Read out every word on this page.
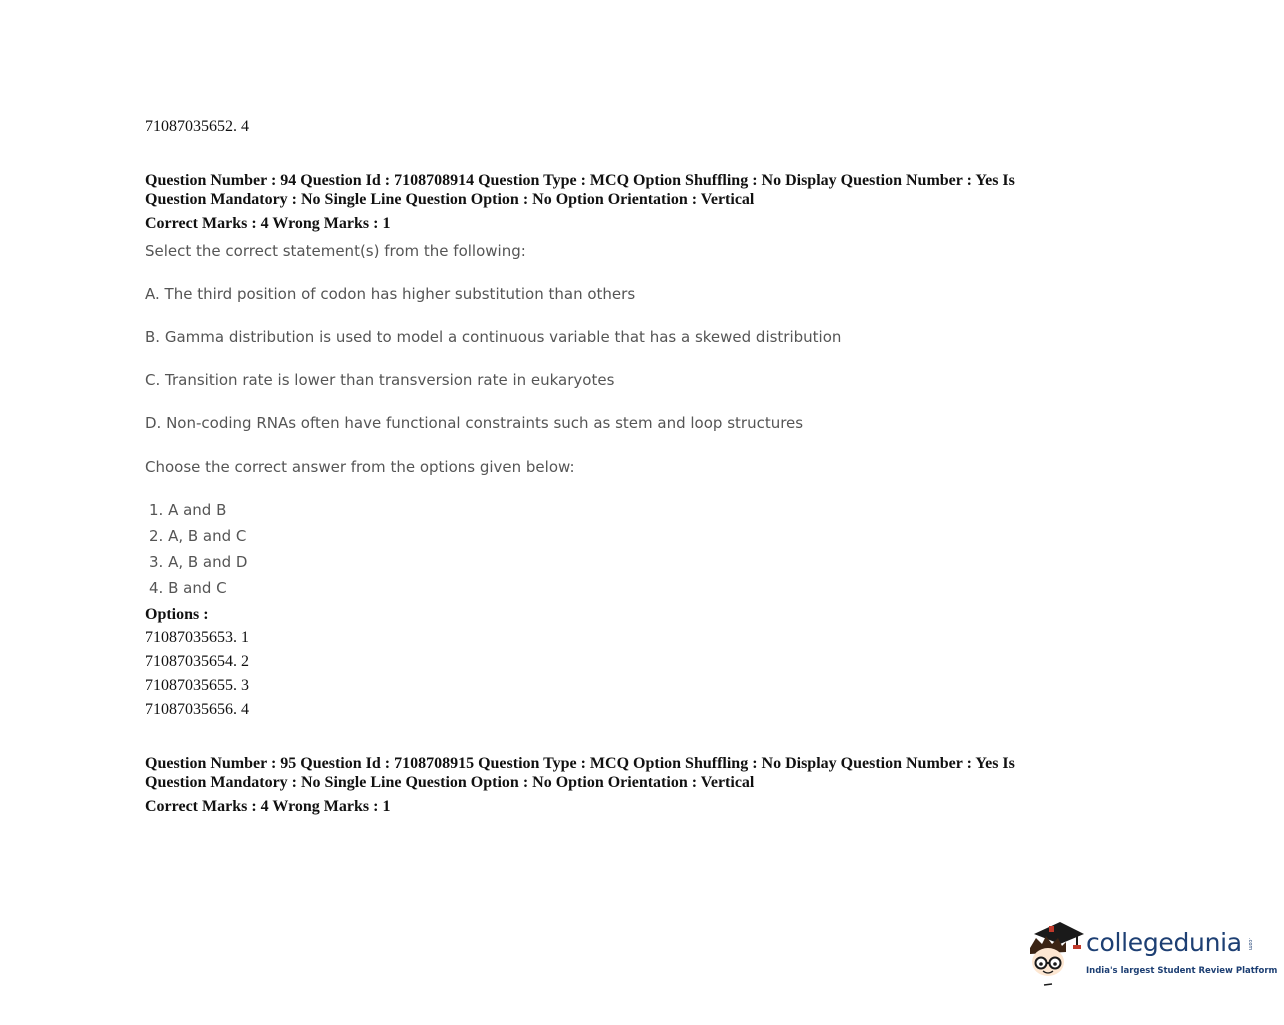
71087035652. 4
Question Number : 94 Question Id : 7108708914 Question Type : MCQ Option Shuffling : No Display Question Number : Yes Is
Question Mandatory : No Single Line Question Option : No Option Orientation : Vertical
Correct Marks : 4 Wrong Marks : 1
Select the correct statement(s) from the following:
A. The third position of codon has higher substitution than others
B. Gamma distribution is used to model a continuous variable that has a skewed distribution
C. Transition rate is lower than transversion rate in eukaryotes
D. Non-coding RNAs often have functional constraints such as stem and loop structures
Choose the correct answer from the options given below:
1. A and B
2. A, B and C
3. A, B and D
4. B and C
Options :
71087035653. 1
71087035654. 2
71087035655. 3
71087035656. 4
Question Number : 95 Question Id : 7108708915 Question Type : MCQ Option Shuffling : No Display Question Number : Yes Is
Question Mandatory : No Single Line Question Option : No Option Orientation : Vertical
Correct Marks : 4 Wrong Marks : 1
collegedunia .com
India's largest Student Review Platform
